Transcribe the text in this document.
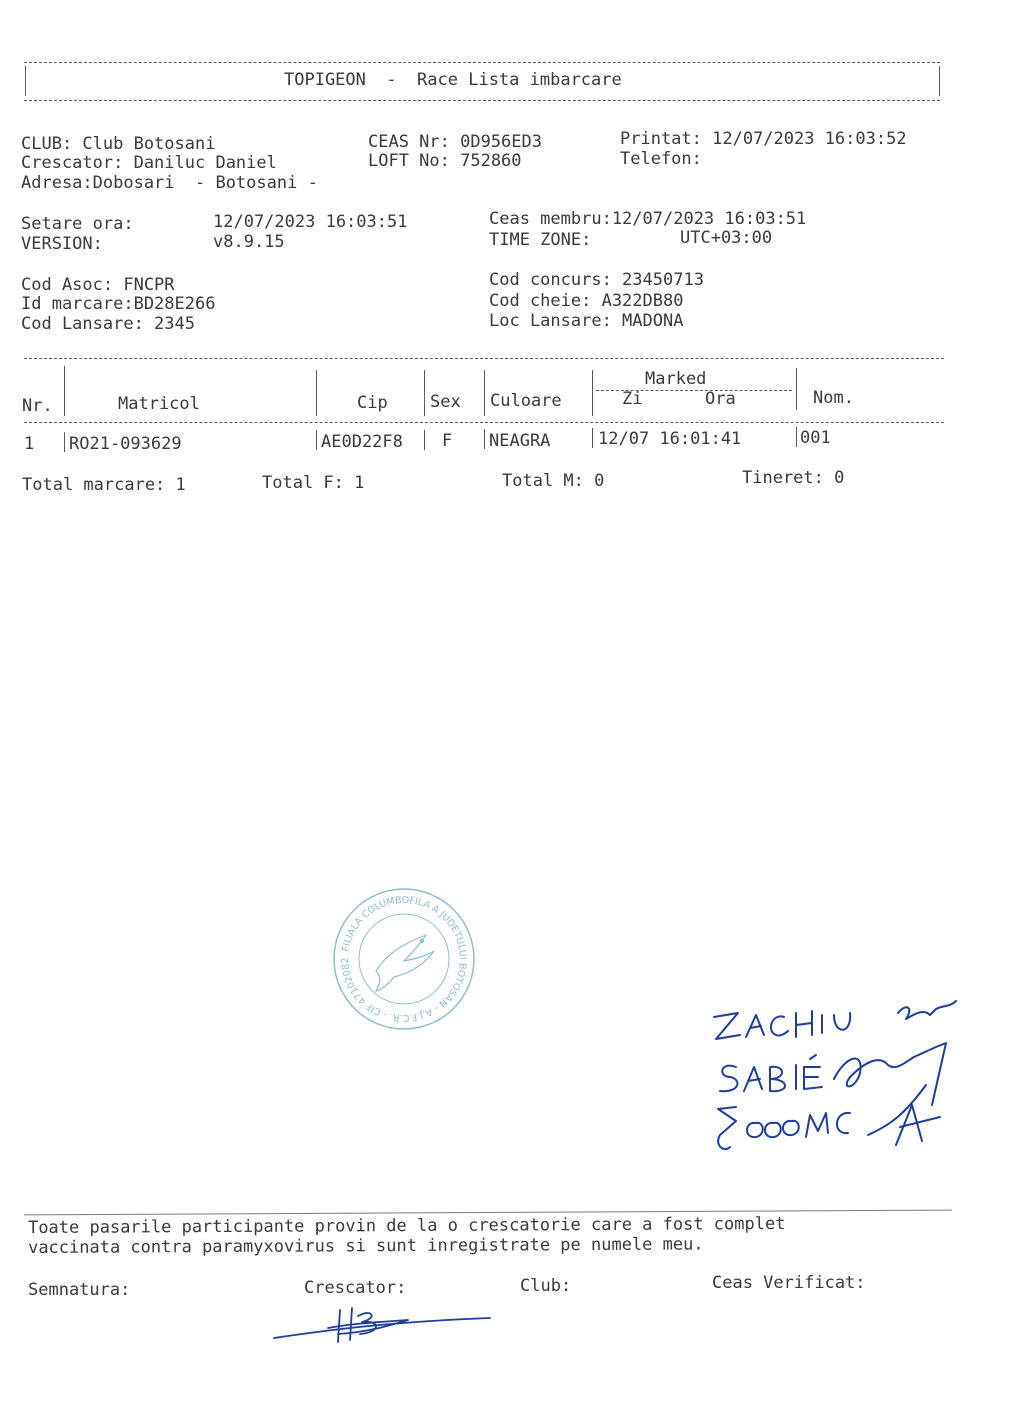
TOPIGEON  -  Race Lista imbarcare
CLUB: Club Botosani
Crescator: Daniluc Daniel
Adresa:Dobosari  - Botosani -
CEAS Nr: 0D956ED3
LOFT No: 752860
Printat: 12/07/2023 16:03:52
Telefon:
Setare ora:	12/07/2023 16:03:51
VERSION:	v8.9.15
Ceas membru:12/07/2023 16:03:51
TIME ZONE:	UTC+03:00
Cod Asoc: FNCPR
Id marcare:BD28E266
Cod Lansare: 2345
Cod concurs: 23450713
Cod cheie: A322DB80
Loc Lansare: MADONA
Nr.	Matricol	Cip Sex Culoare
Marked
Zi	Ora	Nom.
1 RO21-093629	AE0D22F8 F NEAGRA	12/07 16:01:41	001
Total marcare: 1	Total F: 1	Total M: 0	Tineret: 0
FILIALA COLUMBOFILA A JUDETULUI BOTOSAN - A.J.F.C.R. - CIF 47102082
Toate pasarile participante provin de la o crescatorie care a fost complet
vaccinata contra paramyxovirus si sunt inregistrate pe numele meu.
Semnatura:	Crescator:	Club:	Ceas Verificat:
